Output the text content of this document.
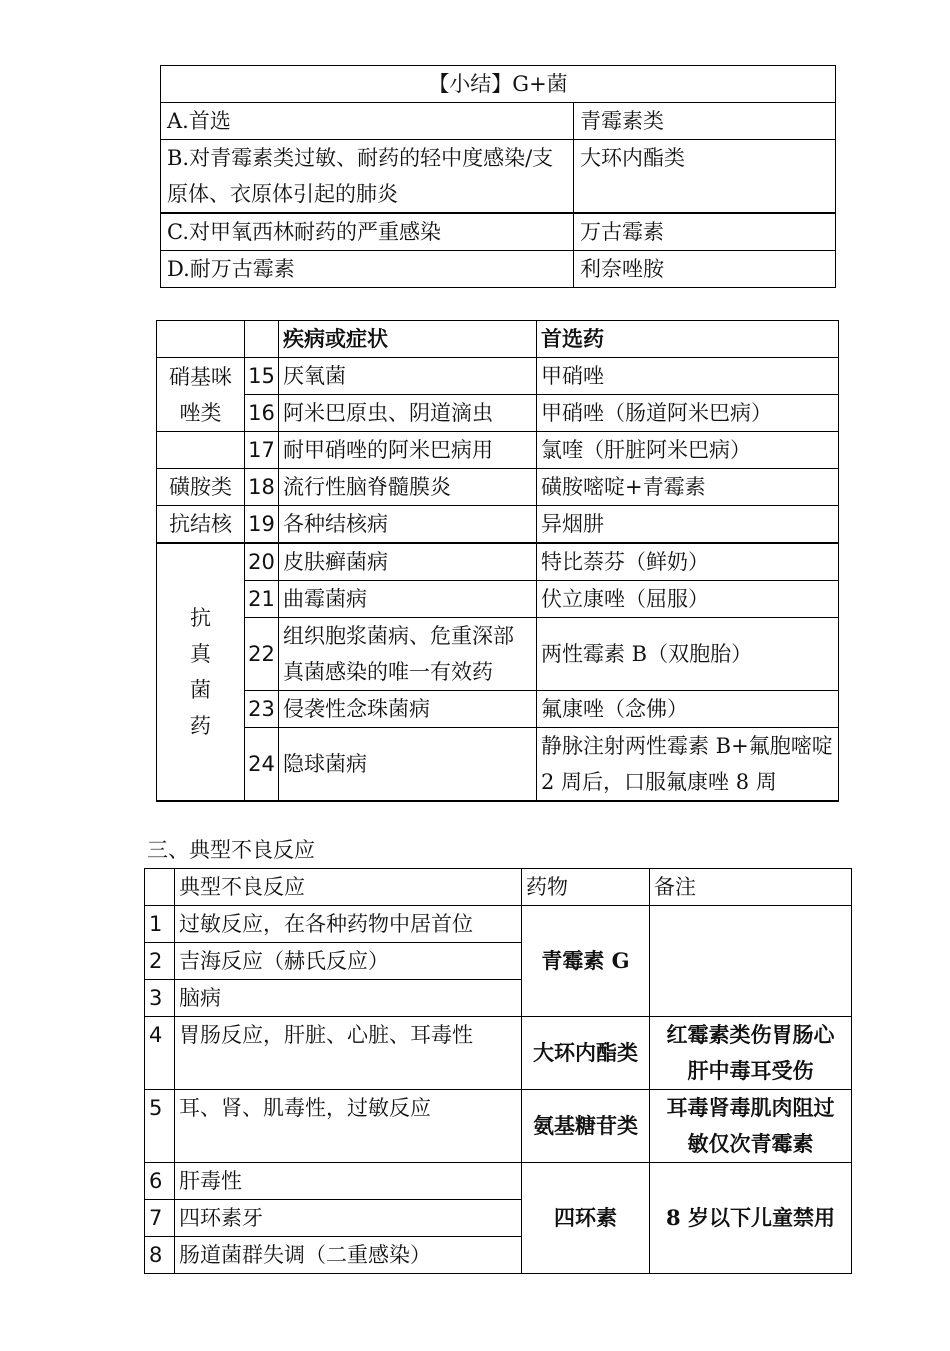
【小结】G+菌	
A.首选	青霉素类
B.对青霉素类过敏、耐药的轻中度感染/支原体、衣原体引起的肺炎	大环内酯类
C.对甲氧西林耐药的严重感染	万古霉素
D.耐万古霉素	利奈唑胺
		疾病或症状	首选药
硝基咪唑类	15	厌氧菌	甲硝唑
	16	阿米巴原虫、阴道滴虫	甲硝唑（肠道阿米巴病）
	17	耐甲硝唑的阿米巴病用	氯喹（肝脏阿米巴病）
磺胺类	18	流行性脑脊髓膜炎	磺胺嘧啶+青霉素
抗结核	19	各种结核病	异烟肼

抗真菌药	20	皮肤癣菌病	特比萘芬（鲜奶）
	21	曲霉菌病	伏立康唑（屈服）
	22	组织胞浆菌病、危重深部真菌感染的唯一有效药	两性霉素 B（双胞胎）
	23	侵袭性念珠菌病	氟康唑（念佛）
	24	隐球菌病	静脉注射两性霉素 B+氟胞嘧啶 2 周后，口服氟康唑 8 周
三、典型不良反应
	典型不良反应	药物	备注
1	过敏反应，在各种药物中居首位	青霉素 G	
2	吉海反应（赫氏反应）		
3	脑病		
4	胃肠反应，肝脏、心脏、耳毒性	大环内酯类	红霉素类伤胃肠心肝中毒耳受伤

5	耳、肾、肌毒性，过敏反应	氨基糖苷类	耳毒肾毒肌肉阻过敏仅次青霉素

6	肝毒性	四环素	8 岁以下儿童禁用
7	四环素牙		
8	肠道菌群失调（二重感染）		
